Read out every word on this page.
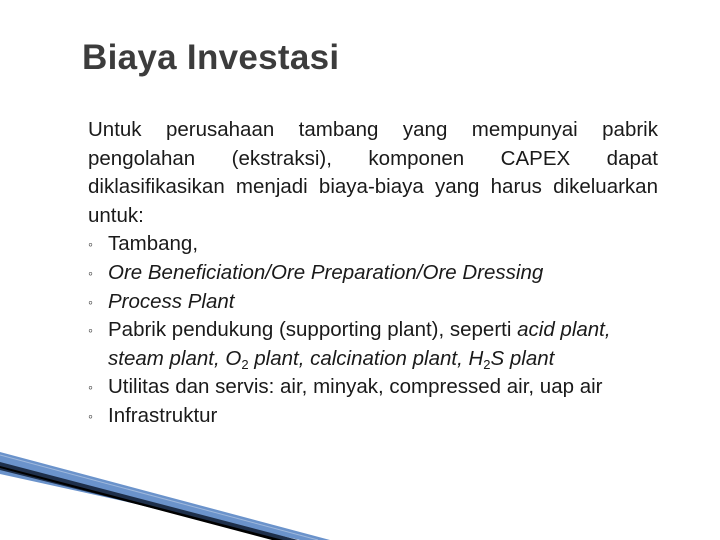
Biaya Investasi

Untuk perusahaan tambang yang mempunyai pabrik pengolahan (ekstraksi), komponen CAPEX dapat diklasifikasikan menjadi biaya-biaya yang harus dikeluarkan untuk:

◦ Tambang,
◦ Ore Beneficiation/Ore Preparation/Ore Dressing
◦ Process Plant
◦ Pabrik pendukung (supporting plant), seperti acid plant, steam plant, $O_2$ plant, calcination plant, $H_2S$ plant
◦ Utilitas dan servis: air, minyak, compressed air, uap air
◦ Infrastruktur
